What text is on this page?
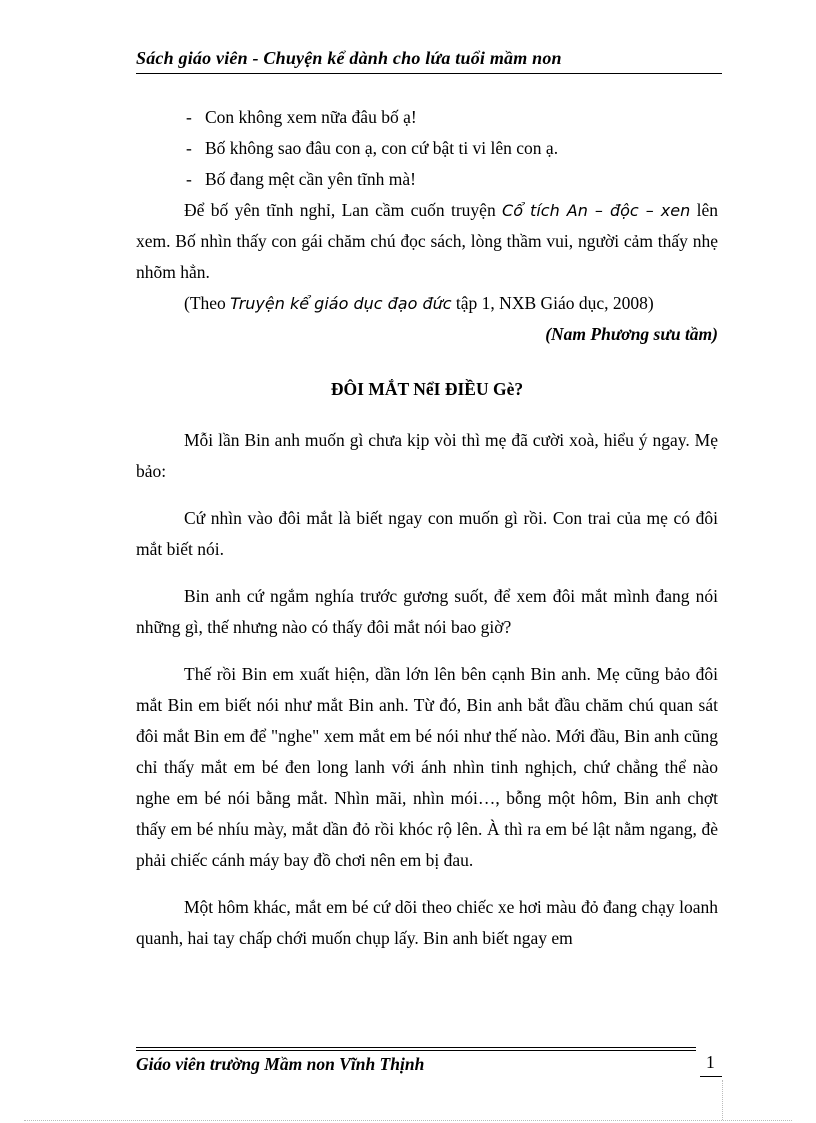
Sách giáo viên - Chuyện kể dành cho lứa tuổi mầm non

- Con không xem nữa đâu bố ạ!

- Bố không sao đâu con ạ, con cứ bật ti vi lên con ạ.

- Bố đang mệt cần yên tĩnh mà!

Để bố yên tĩnh nghỉ, Lan cầm cuốn truyện Cổ tích An – độc – xen lên xem. Bố nhìn thấy con gái chăm chú đọc sách, lòng thầm vui, người cảm thấy nhẹ nhõm hẳn.

(Theo Truyện kể giáo dục đạo đức tập 1, NXB Giáo dục, 2008)

(Nam Phương sưu tầm)

ĐÔI MẮT NểI ĐIỀU Gè?

Mỗi lần Bin anh muốn gì chưa kịp vòi thì mẹ đã cười xoà, hiểu ý ngay. Mẹ bảo:

Cứ nhìn vào đôi mắt là biết ngay con muốn gì rồi. Con trai của mẹ có đôi mắt biết nói.

Bin anh cứ ngắm nghía trước gương suốt, để xem đôi mắt mình đang nói những gì, thế nhưng nào có thấy đôi mắt nói bao giờ?

Thế rồi Bin em xuất hiện, dần lớn lên bên cạnh Bin anh. Mẹ cũng bảo đôi mắt Bin em biết nói như mắt Bin anh. Từ đó, Bin anh bắt đầu chăm chú quan sát đôi mắt Bin em để "nghe" xem mắt em bé nói như thế nào. Mới đầu, Bin anh cũng chỉ thấy mắt em bé đen long lanh với ánh nhìn tinh nghịch, chứ chẳng thể nào nghe em bé nói bằng mắt. Nhìn mãi, nhìn mói…, bỗng một hôm, Bin anh chợt thấy em bé nhíu mày, mắt dần đỏ rồi khóc rộ lên. À thì ra em bé lật nằm ngang, đè phải chiếc cánh máy bay đồ chơi nên em bị đau.

Một hôm khác, mắt em bé cứ dõi theo chiếc xe hơi màu đỏ đang chạy loanh quanh, hai tay chấp chới muốn chụp lấy. Bin anh biết ngay em

Giáo viên trường Mầm non Vĩnh Thịnh	1
